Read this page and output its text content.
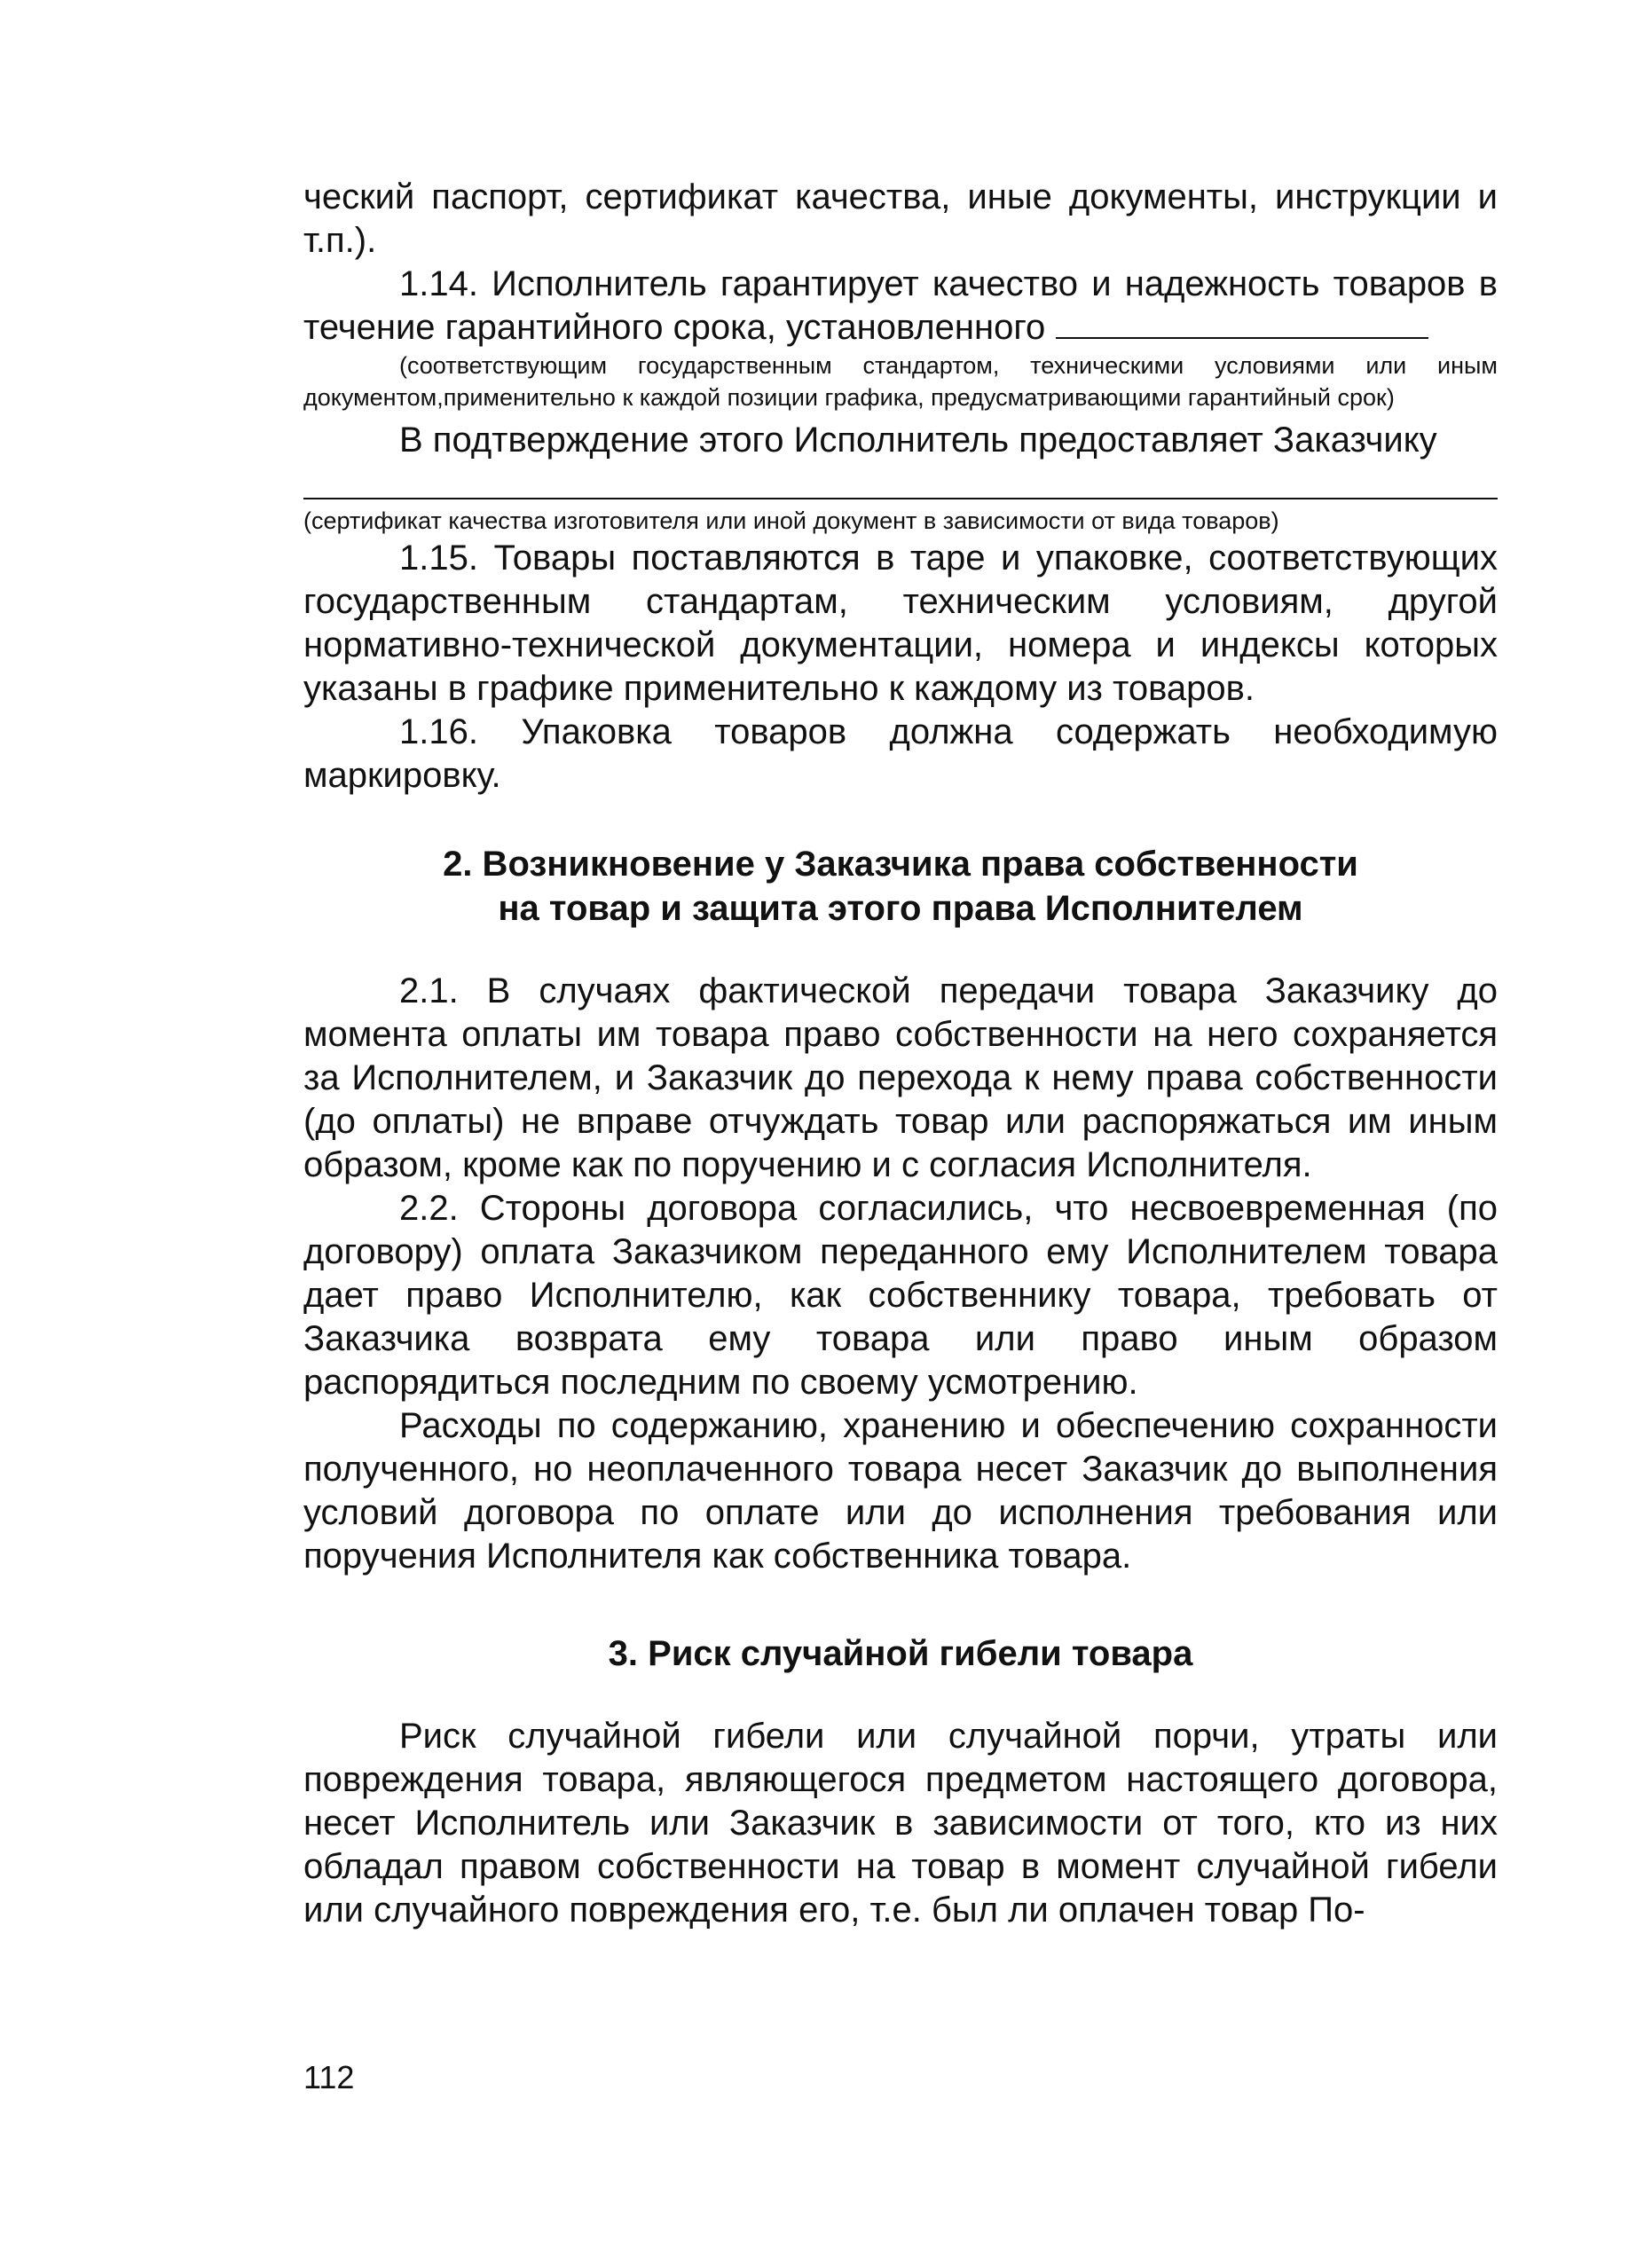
ческий паспорт, сертификат качества, иные документы, инструкции и т.п.).

1.14. Исполнитель гарантирует качество и надежность товаров в течение гарантийного срока, установленного

(соответствующим государственным стандартом, техническими условиями или иным документом,применительно к каждой позиции графика, предусматривающими гарантийный срок)

В подтверждение этого Исполнитель предоставляет Заказчику

(сертификат качества изготовителя или иной документ в зависимости от вида товаров)

1.15. Товары поставляются в таре и упаковке, соответствующих государственным стандартам, техническим условиям, другой нормативно-технической документации, номера и индексы которых указаны в графике применительно к каждому из товаров.

1.16. Упаковка товаров должна содержать необходимую маркировку.

2. Возникновение у Заказчика права собственности

на товар и защита этого права Исполнителем

2.1. В случаях фактической передачи товара Заказчику до момента оплаты им товара право собственности на него сохраняется за Исполнителем, и Заказчик до перехода к нему права собственности (до оплаты) не вправе отчуждать товар или распоряжаться им иным образом, кроме как по поручению и с согласия Исполнителя.

2.2. Стороны договора согласились, что несвоевременная (по договору) оплата Заказчиком переданного ему Исполнителем товара дает право Исполнителю, как собственнику товара, требовать от Заказчика возврата ему товара или право иным образом распорядиться последним по своему усмотрению.

Расходы по содержанию, хранению и обеспечению сохранности полученного, но неоплаченного товара несет Заказчик до выполнения условий договора по оплате или до исполнения требования или поручения Исполнителя как собственника товара.

3. Риск случайной гибели товара

Риск случайной гибели или случайной порчи, утраты или повреждения товара, являющегося предметом настоящего договора, несет Исполнитель или Заказчик в зависимости от того, кто из них обладал правом собственности на товар в момент случайной гибели или случайного повреждения его, т.е. был ли оплачен товар По-

112
